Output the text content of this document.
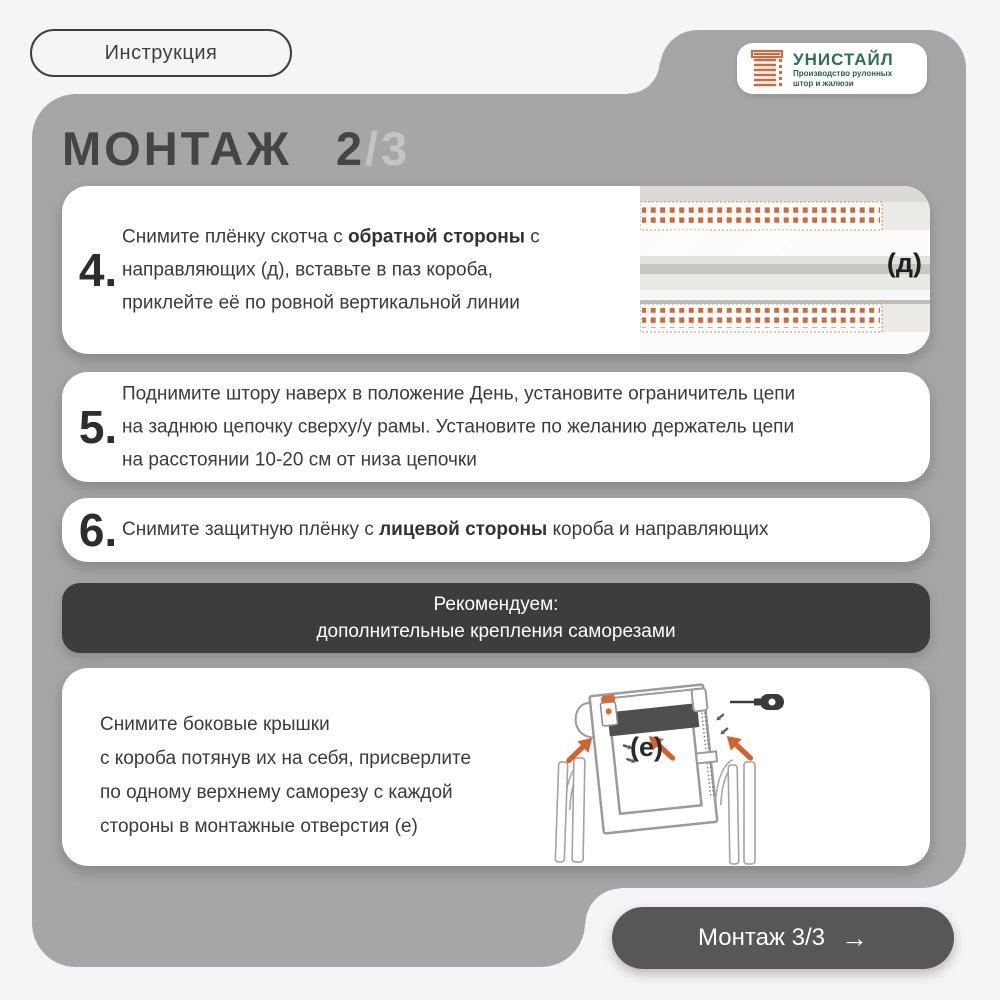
Инструкция	УНИСТАЙЛ
Производство рулонных
штор и жалюзи
МОНТАЖ 2/3
4.
Снимите плёнку скотча с обратной стороны с
направляющих (д), вставьте в паз короба,
приклейте её по ровной вертикальной линии
(д)
5.
Поднимите штору наверх в положение День, установите ограничитель цепи
на заднюю цепочку сверху/у рамы. Установите по желанию держатель цепи
на расстоянии 10-20 см от низа цепочки
6. Снимите защитную плёнку с лицевой стороны короба и направляющих
Рекомендуем:
дополнительные крепления саморезами
Снимите боковые крышки
с короба потянув их на себя, присверлите
по одному верхнему саморезу с каждой
стороны в монтажные отверстия (е)
(е)
Монтаж 3/3 →
